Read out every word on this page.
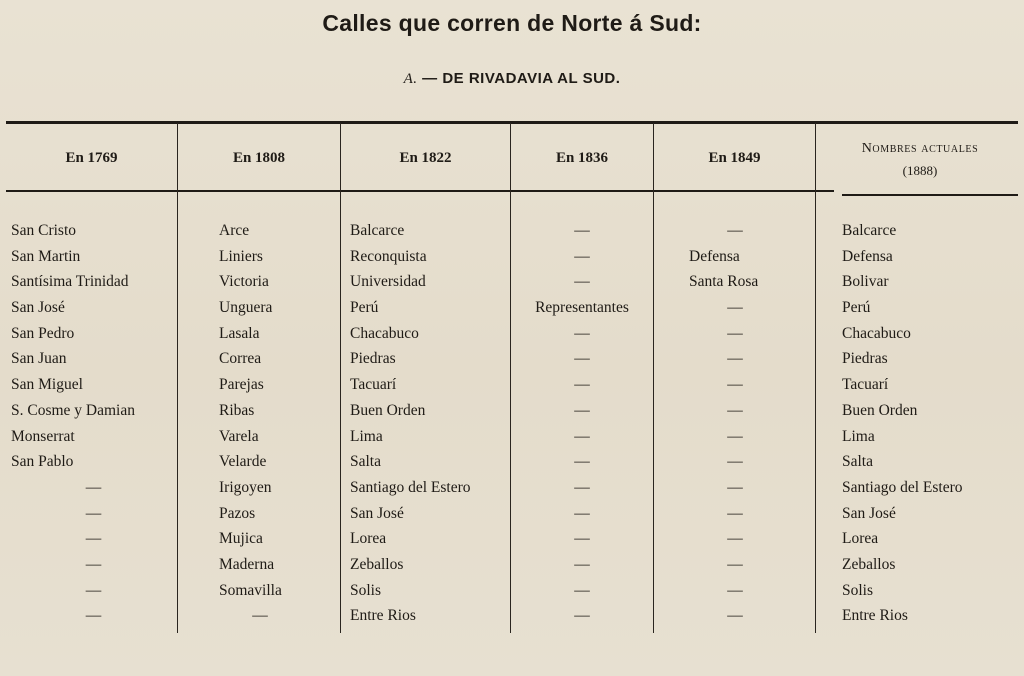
Calles que corren de Norte á Sud:
A. — DE RIVADAVIA AL SUD.
En 1769	En 1808	En 1822	En 1836	En 1849
Nombres actuales
(1888)
San Cristo	Arce	Balcarce	—	—	Balcarce
San Martin	Liniers	Reconquista	—	Defensa	Defensa
Santísima Trinidad	Victoria	Universidad	—	Santa Rosa	Bolivar
San José	Unguera	Perú	Representantes	—	Perú
San Pedro	Lasala	Chacabuco	—	—	Chacabuco
San Juan	Correa	Piedras	—	—	Piedras
San Miguel	Parejas	Tacuarí	—	—	Tacuarí
S. Cosme y Damian	Ribas	Buen Orden	—	—	Buen Orden
Monserrat	Varela	Lima	—	—	Lima
San Pablo	Velarde	Salta	—	—	Salta
—	Irigoyen	Santiago del Estero	—	—	Santiago del Estero
—	Pazos	San José	—	—	San José
—	Mujica	Lorea	—	—	Lorea
—	Maderna	Zeballos	—	—	Zeballos
—	Somavilla	Solis	—	—	Solis
—	—	Entre Rios	—	—	Entre Rios
